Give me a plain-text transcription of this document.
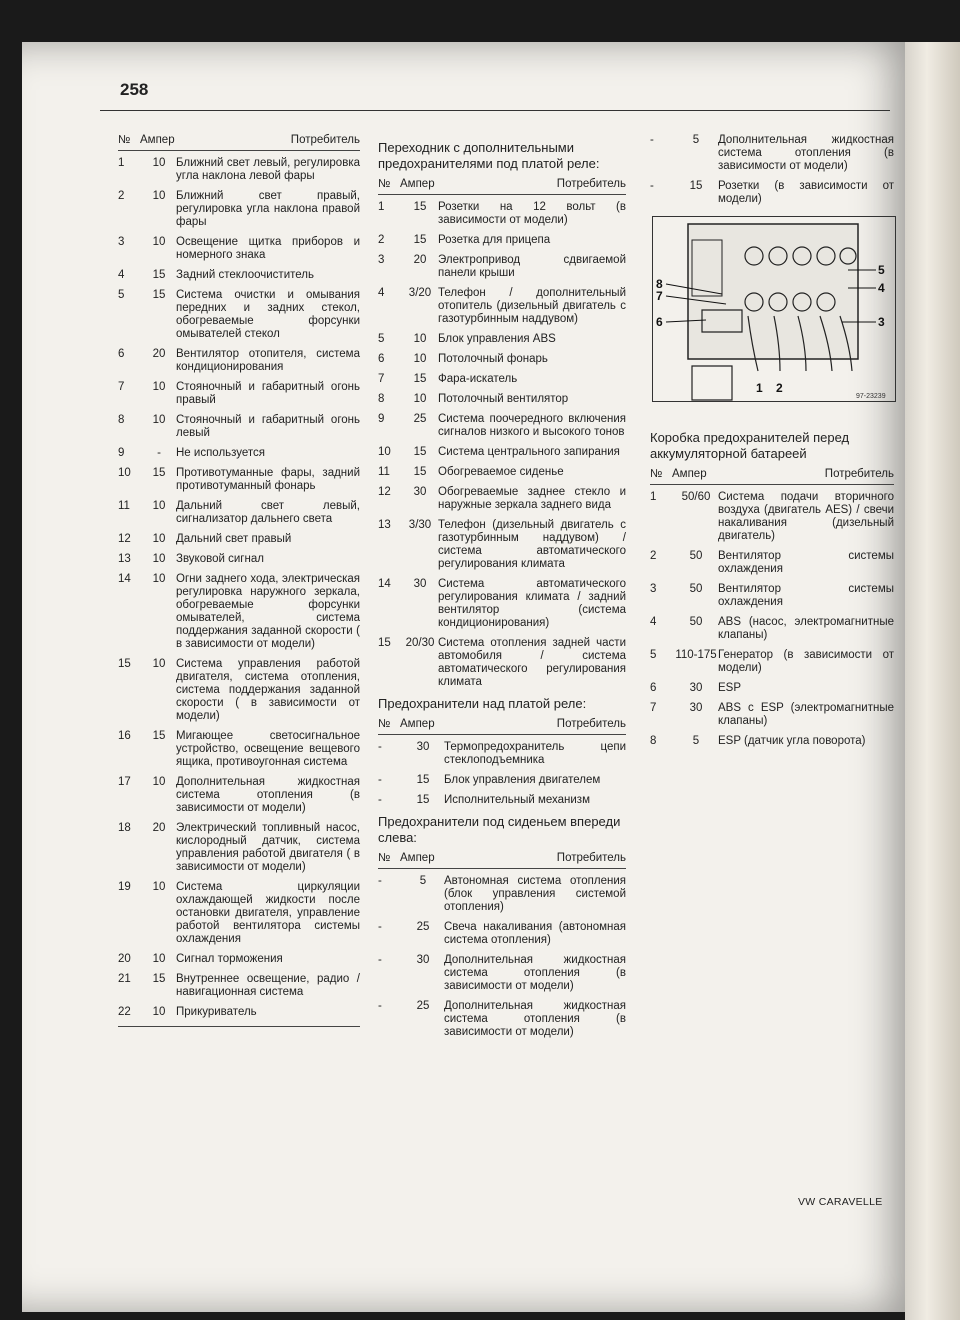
258
№ Ампер	Потребитель
1	10 Ближний свет левый, регулировка угла наклона левой фары
2	10 Ближний свет правый, регулировка угла наклона правой фары
3	10 Освещение щитка приборов и номерного знака
4	15 Задний стеклоочиститель
5	15 Система очистки и омывания передних и задних стекол, обогреваемые форсунки омывателей стекол
6	20 Вентилятор отопителя, система кондиционирования
7	10 Стояночный и габаритный огонь правый
8	10 Стояночный и габаритный огонь левый
9	-	Не используется
10	15 Противотуманные фары, задний противотуманный фонарь
11	10 Дальний свет левый, сигнализатор дальнего света
12	10 Дальний свет правый
13	10 Звуковой сигнал
14	10 Огни заднего хода, электрическая регулировка наружного зеркала, обогреваемые форсунки омывателей, система поддержания заданной скорости ( в зависимости от модели)
15	10 Система управления работой двигателя, система отопления, система поддержания заданной скорости ( в зависимости от модели)
16	15 Мигающее светосигнальное устройство, освещение вещевого ящика, противоугонная система
17	10 Дополнительная жидкостная система отопления (в зависимости от модели)
18	20 Электрический топливный насос, кислородный датчик, система управления работой двигателя ( в зависимости от модели)
19	10 Система циркуляции охлаждающей жидкости после остановки двигателя, управление работой вентилятора системы охлаждения
20	10 Сигнал торможения
21	15 Внутреннее освещение, радио / навигационная система
22	10 Прикуриватель
Переходник с дополнительными предохранителями под платой реле:
№ Ампер	Потребитель
1	15	Розетки на 12 вольт (в зависимости от модели)
2	15	Розетка для прицепа
3	20	Электропривод сдвигаемой панели крыши
4	3/20 Телефон / дополнительный отопитель (дизельный двигатель с газотурбинным наддувом)
5	10	Блок управления ABS
6	10	Потолочный фонарь
7	15	Фара-искатель
8	10	Потолочный вентилятор
9	25	Система поочередного включения сигналов низкого и высокого тонов
10	15	Система центрального запирания
11	15	Обогреваемое сиденье
12	30	Обогреваемые заднее стекло и наружные зеркала заднего вида
13	3/30 Телефон (дизельный двигатель с газотурбинным наддувом) / система автоматического регулирования климата
14	30	Система автоматического регулирования климата / задний вентилятор (система кондиционирования)
15	20/30 Система отопления задней части автомобиля / система автоматического регулирования климата
Предохранители над платой реле:
№ Ампер	Потребитель
-	30	Термопредохранитель цепи стеклоподъемника
-	15	Блок управления двигателем
-	15	Исполнительный механизм
Предохранители под сиденьем впереди слева:
№ Ампер	Потребитель
-	5	Автономная система отопления (блок управления системой отопления)
-	25	Свеча накаливания (автономная система отопления)
-	30	Дополнительная жидкостная система отопления (в зависимости от модели)
-	25	Дополнительная жидкостная система отопления (в зависимости от модели)
-	5	Дополнительная жидкостная система отопления (в зависимости от модели)
-	15	Розетки (в зависимости от модели)
8
7
6
5
4
3
1 2
97-23239
Коробка предохранителей перед аккумуляторной батареей
№ Ампер	Потребитель
1	50/60 Система подачи вторичного воздуха (двигатель AES) / свечи накаливания (дизельный двигатель)
2	50	Вентилятор системы охлаждения
3	50	Вентилятор системы охлаждения
4	50	ABS (насос, электромагнитные клапаны)
5	110-175 Генератор (в зависимости от модели)
6	30	ESP
7	30	ABS с ESP (электромагнитные клапаны)
8	5	ESP (датчик угла поворота)
VW CARAVELLE
